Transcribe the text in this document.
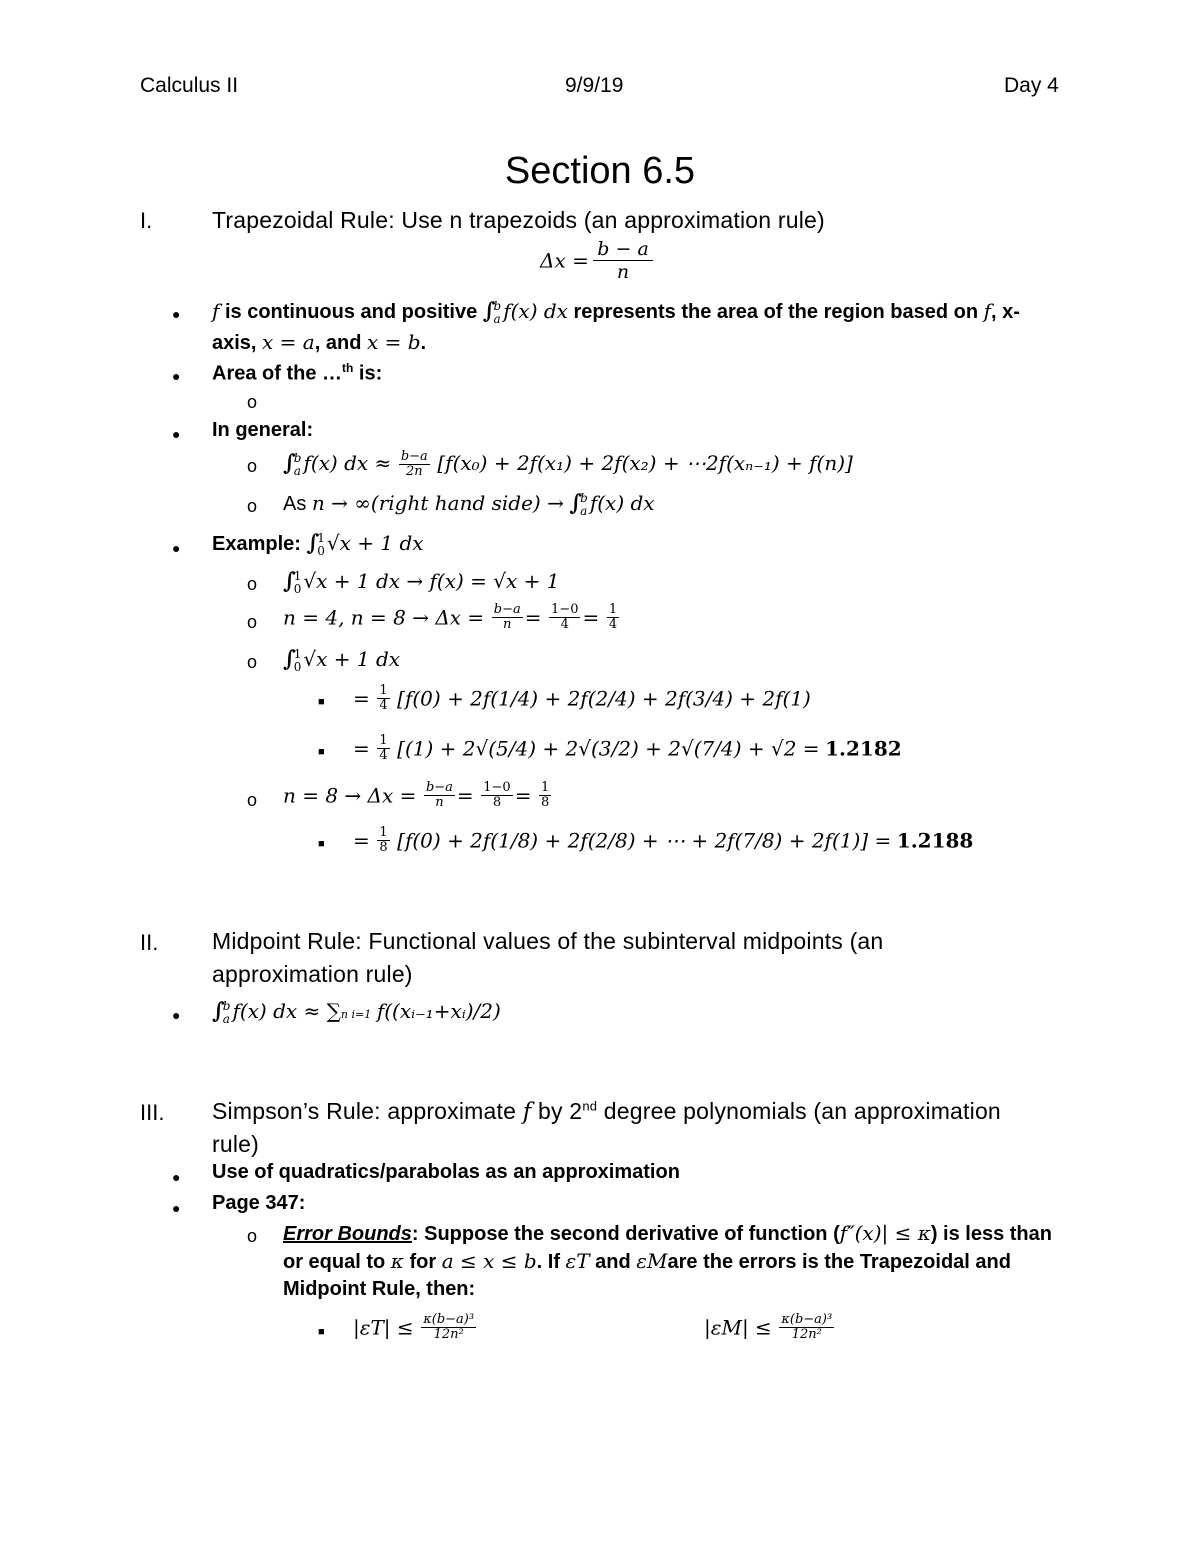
Calculus II	9/9/19	Day 4
Section 6.5
I.	Trapezoidal Rule: Use n trapezoids (an approximation rule)
$\Delta x = \frac{b - a}{n}$
● f is continuous and positive ∫
b
a f(x) dx represents the area of the region based on f, x-
axis, x = a, and x = b.
● Area of the …$^{th}$ is:
o
● In general:
o ∫
b
a f(x) dx ≈ $\frac{b-a}{2n} [f(x_0) + 2f(x_1) + 2f(x_2)$ + ⋯2f(xₙ₋₁) + f(n)]
o As n → ∞(right hand side) → ∫
b
a f(x) dx
● Example: ∫
1
0 √x + 1 dx
o ∫
1
0 √x + 1 dx → f(x) = √x + 1
o n = 4, $n = 8 \to \Delta x = \frac{b-a}{n} = \frac{1-0}{4} = \frac{1}{4}$
o ∫
1
0 √x + 1 dx
■ = $\frac{1}{4} [f(0) + 2f(1/4) + 2f(2/4) + 2f(3/4) + 2f(1)$
■ = $\frac{1}{4} [(1) + 2√(5/4) + 2√(3/2) + 2√(7/4) + √2 = 1.2182$
o $n = 8 \to \Delta x = \frac{b-a}{n} = \frac{1-0}{8} = \frac{1}{8}$
■ = $\frac{1}{8} [f(0) + 2f(1/8) + 2f(2/8)$ + ⋯ + 2f(7/8) + 2f(1)] = 1.2188
II. Midpoint Rule: Functional values of the subinterval midpoints (an
approximation rule)
● ∫
b
a f(x) dx ≈ ∑n i=1 f((xᵢ₋₁+xᵢ)/2)
III. Simpson’s Rule: approximate f by 2nd degree polynomials (an approximation
rule)
● Use of quadratics/parabolas as an approximation
● Page 347:
o Error Bounds: Suppose the second derivative of function (f″(x)| ≤ κ) is less than
or equal to κ for a ≤ x ≤ b. If εT and εMare the errors is the Trapezoidal and
Midpoint Rule, then:
■ $|\varepsilon T| \le \frac{\text{κ(b−a)³}}{\text{12n²}}$	$|\varepsilon M| \le \frac{\text{κ(b−a)³}}{\text{12n²}}$
